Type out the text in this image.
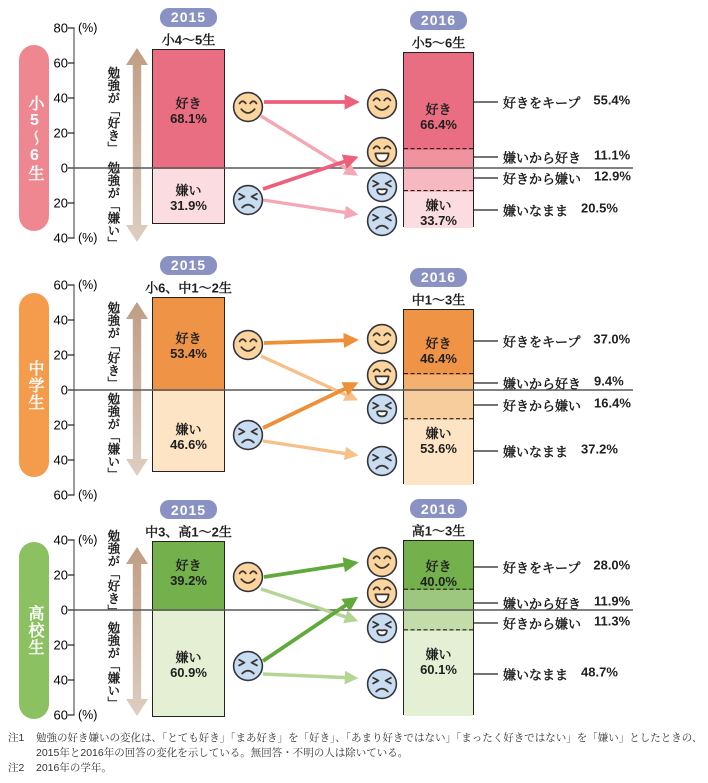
注1	勉強の好き嫌いの変化は、「とても好き」「まあ好き」を「好き」、「あまり好きではない」「まったく好きではない」を「嫌い」としたときの、2015年と2016年の回答の変化を示している。無回答・不明の人は除いている。
注2	2016年の学年。
小5〜6生
80
60
40
20
0
20
40
(%)
(%)
勉強が「好き」
勉強が「嫌い」
好き
68.1%
嫌い
31.9%
好き
66.4%
嫌い
33.7%
2015
小4〜5生
2016
小5〜6生
好きをキープ 55.4%
嫌いから好き 11.1%
好きから嫌い 12.9%
嫌いなまま 20.5%
中学生
60
40
20
0
20
40
60
(%)
(%)
勉強が「好き」
勉強が「嫌い」
好き
53.4%
嫌い
46.6%
好き
46.4%
嫌い
53.6%
2015
小6、中1〜2生
2016
中1〜3生
好きをキープ 37.0%
嫌いから好き 9.4%
好きから嫌い 16.4%
嫌いなまま 37.2%
高校生
40
20
0
20
40
60
(%)
(%)
勉強が「好き」
勉強が「嫌い」
好き
39.2%
嫌い
60.9%
好き
40.0%
嫌い
60.1%
2015
中3、高1〜2生
2016
高1〜3生
好きをキープ 28.0%
嫌いから好き 11.9%
好きから嫌い 11.3%
嫌いなまま 48.7%
